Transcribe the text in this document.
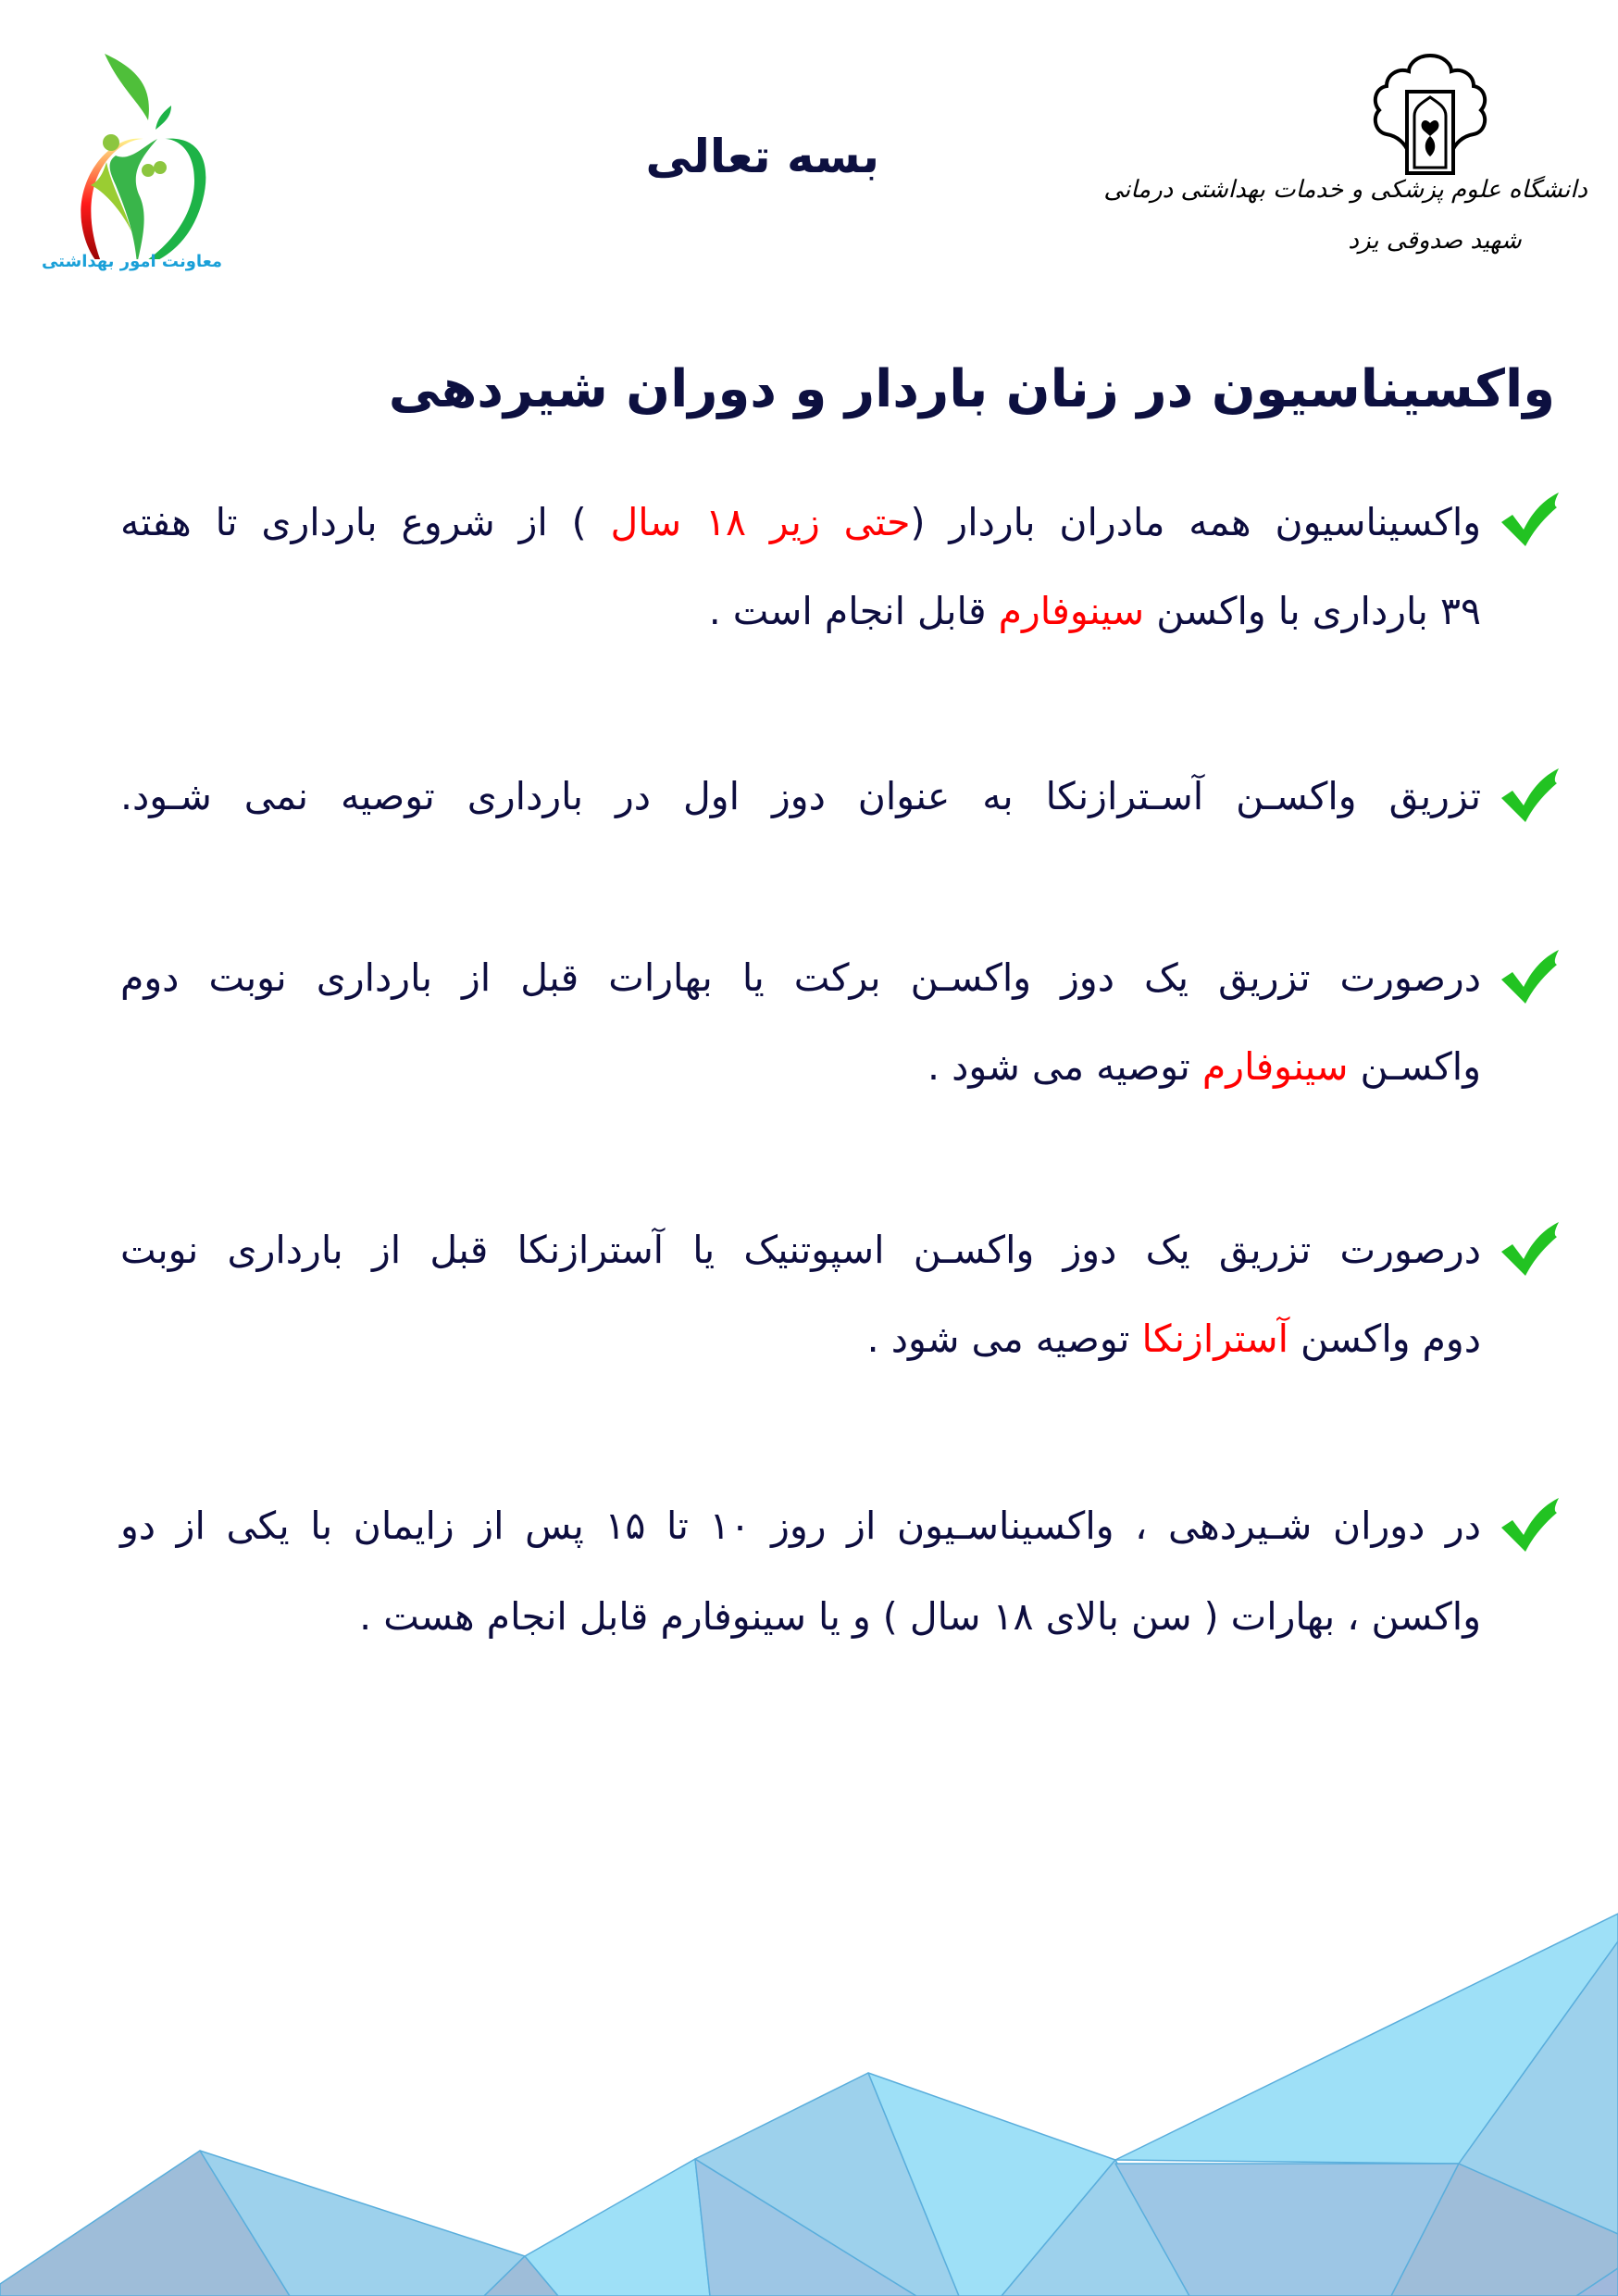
معاونت امور بهداشتی
بسه تعالی
دانشگاه علوم پزشکی و خدمات بهداشتی درمانی
شهید صدوقی یزد
واکسیناسیون در زنان باردار و دوران شیردهی
واکسیناسیون همه مادران باردار (حتی زیر ۱۸ سال ) از شروع بارداری تا هفته
۳۹ بارداری با واکسن سینوفارم قابل انجام است .
تزریق واکسـن آسـترازنکا به عنوان دوز اول در بارداری توصیه نمی شـود.
درصورت تزریق یک دوز واکسـن برکت یا بهارات قبل از بارداری نوبت دوم
واکسـن سینوفارم توصیه می شود .
درصورت تزریق یک دوز واکسـن اسپوتنیک یا آسترازنکا قبل از بارداری نوبت
دوم واکسن آسترازنکا توصیه می شود .
در دوران شـیردهی ، واکسیناسـیون از روز ۱۰ تا ۱۵ پس از زایمان با یکی از دو
واکسن ، بهارات ( سن بالای ۱۸ سال ) و یا سینوفارم قابل انجام هست .
